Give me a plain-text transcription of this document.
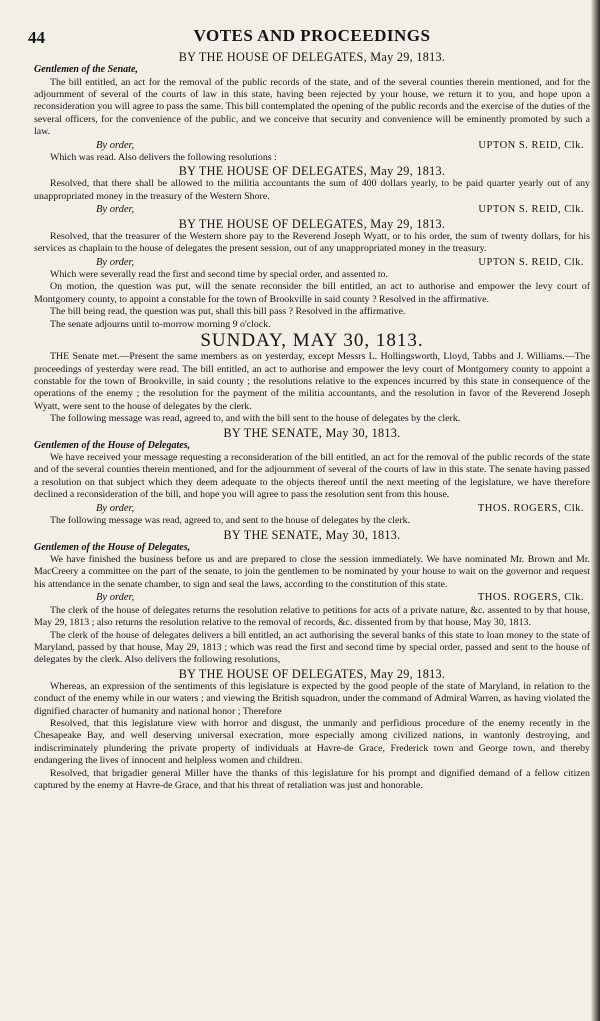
44	VOTES AND PROCEEDINGS
BY THE HOUSE OF DELEGATES, May 29, 1813.
Gentlemen of the Senate,
The bill entitled, an act for the removal of the public records of the state, and of the several counties therein mentioned, and for the adjournment of several of the courts of law in this state, having been rejected by your house, we return it to you, and hope upon a reconsideration you will agree to pass the same. This bill contemplated the opening of the public records and the exercise of the duties of the several officers, for the convenience of the public, and we conceive that security and convenience will be eminently promoted by such a law.
By order,	UPTON S. REID, Clk.
Which was read. Also delivers the following resolutions :
BY THE HOUSE OF DELEGATES, May 29, 1813.
Resolved, that there shall be allowed to the militia accountants the sum of 400 dollars yearly, to be paid quarter yearly out of any unappropriated money in the treasury of the Western Shore.
By order,	UPTON S. REID, Clk.
BY THE HOUSE OF DELEGATES, May 29, 1813.
Resolved, that the treasurer of the Western shore pay to the Reverend Joseph Wyatt, or to his order, the sum of twenty dollars, for his services as chaplain to the house of delegates the present session, out of any unappropriated money in the treasury.
By order,	UPTON S. REID, Clk.
Which were severally read the first and second time by special order, and assented to.
On motion, the question was put, will the senate reconsider the bill entitled, an act to authorise and empower the levy court of Montgomery county, to appoint a constable for the town of Brookville in said county ? Resolved in the affirmative.
The bill being read, the question was put, shall this bill pass ? Resolved in the affirmative.
The senate adjourns until to-morrow morning 9 o'clock.
SUNDAY, MAY 30, 1813.
THE Senate met.—Present the same members as on yesterday, except Messrs L. Hollingsworth, Lloyd, Tabbs and J. Williams.—The proceedings of yesterday were read. The bill entitled, an act to authorise and empower the levy court of Montgomery county to appoint a constable for the town of Brookville, in said county ; the resolutions relative to the expences incurred by this state in consequence of the operations of the enemy ; the resolution for the payment of the militia accountants, and the resolution in favor of the Reverend Joseph Wyatt, were sent to the house of delegates by the clerk.
The following message was read, agreed to, and with the bill sent to the house of delegates by the clerk.
BY THE SENATE, May 30, 1813.
Gentlemen of the House of Delegates,
We have received your message requesting a reconsideration of the bill entitled, an act for the removal of the public records of the state and of the several counties therein mentioned, and for the adjournment of several of the courts of law in this state. The senate having passed a resolution on that subject which they deem adequate to the objects thereof until the next meeting of the legislature, we have therefore declined a reconsideration of the bill, and hope you will agree to pass the resolution sent from this house.
By order,	THOS. ROGERS, Clk.
The following message was read, agreed to, and sent to the house of delegates by the clerk.
BY THE SENATE, May 30, 1813.
Gentlemen of the House of Delegates,
We have finished the business before us and are prepared to close the session immediately. We have nominated Mr. Brown and Mr. MacCreery a committee on the part of the senate, to join the gentlemen to be nominated by your house to wait on the governor and request his attendance in the senate chamber, to sign and seal the laws, according to the constitution of this state.
By order,	THOS. ROGERS, Clk.
The clerk of the house of delegates returns the resolution relative to petitions for acts of a private nature, &c. assented to by that house, May 29, 1813 ; also returns the resolution relative to the removal of records, &c. dissented from by that house, May 30, 1813.
The clerk of the house of delegates delivers a bill entitled, an act authorising the several banks of this state to loan money to the state of Maryland, passed by that house, May 29, 1813 ; which was read the first and second time by special order, passed and sent to the house of delegates by the clerk. Also delivers the following resolutions,
BY THE HOUSE OF DELEGATES, May 29, 1813.
Whereas, an expression of the sentiments of this legislature is expected by the good people of the state of Maryland, in relation to the conduct of the enemy while in our waters ; and viewing the British squadron, under the command of Admiral Warren, as having violated the dignified character of humanity and national honor ; Therefore
Resolved, that this legislature view with horror and disgust, the unmanly and perfidious procedure of the enemy recently in the Chesapeake Bay, and well deserving universal execration, more especially among civilized nations, in wantonly destroying, and indiscriminately plundering the private property of individuals at Havre-de Grace, Frederick town and George town, and thereby endangering the lives of innocent and helpless women and children.
Resolved, that brigadier general Miller have the thanks of this legislature for his prompt and dignified demand of a fellow citizen captured by the enemy at Havre-de Grace, and that his threat of retaliation was just and honorable.
